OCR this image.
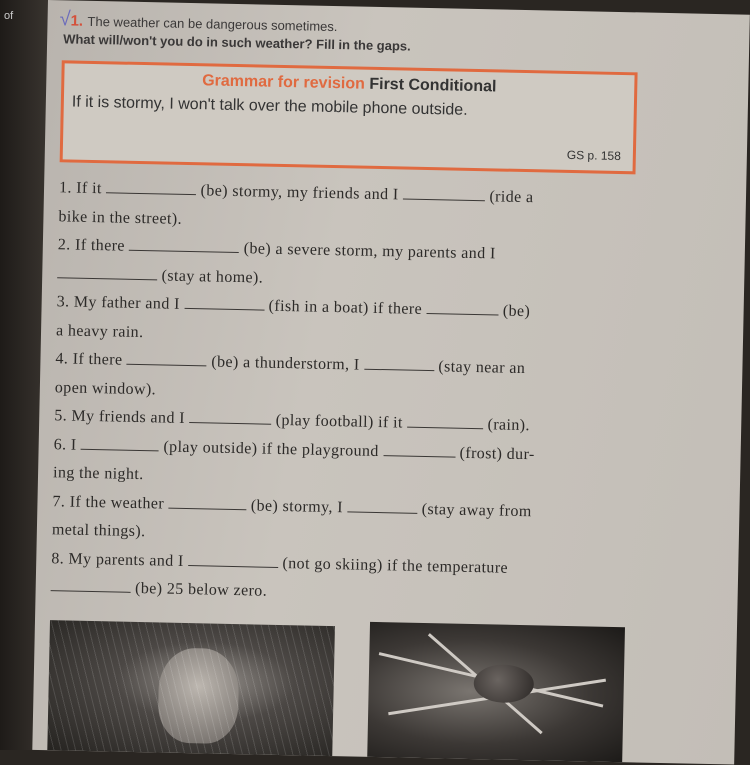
of √1. The weather can be dangerous sometimes.
What will/won't you do in such weather? Fill in the gaps.
Grammar for revision First Conditional
If it is stormy, I won't talk over the mobile phone outside.
GS p. 158
1. If it	(be) stormy, my friends and I	(ride a
bike in the street).
2. If there	(be) a severe storm, my parents and I
(stay at home).
3. My father and I	(fish in a boat) if there	(be)
a heavy rain.
4. If there	(be) a thunderstorm, I	(stay near an
open window).
5. My friends and I	(play football) if it	(rain).
6. I	(play outside) if the playground	(frost) dur-
ing the night.
7. If the weather	(be) stormy, I	(stay away from
metal things).
8. My parents and I	(not go skiing) if the temperature
(be) 25 below zero.
